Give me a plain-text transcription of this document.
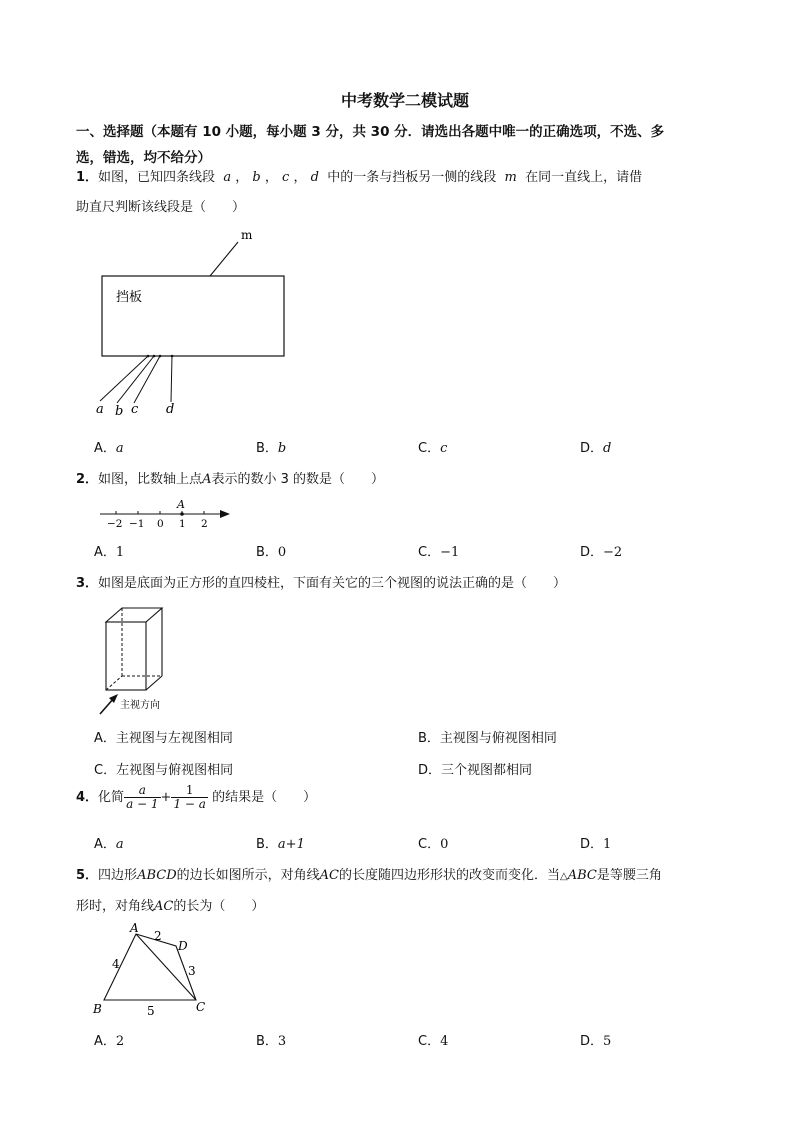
中考数学二模试题
一、选择题（本题有 10 小题，每小题 3 分，共 30 分．请选出各题中唯一的正确选项，不选、多
选，错选，均不给分）
1．如图，已知四条线段 a ， b ， c ， d 中的一条与挡板另一侧的线段 m 在同一直线上，请借
助直尺判断该线段是（　　）
挡板
m
a b c d
A．a	B．b	C．c	D．d
2．如图，比数轴上点A表示的数小 3 的数是（　　）
A
−2 −1 0 1 2
A．1	B．0	C．−1	D．−2
3．如图是底面为正方形的直四棱柱，下面有关它的三个视图的说法正确的是（　　）
主视方向
A．主视图与左视图相同	B．主视图与俯视图相同
C．左视图与俯视图相同	D．三个视图都相同
4．化简 $\frac{a}{a - 1} + \frac{1}{1 - a}$ 的结果是（　　）
A．a	B．a+1	C．0	D．1
5．四边形ABCD的边长如图所示，对角线AC的长度随四边形形状的改变而变化．当△ABC是等腰三角
形时，对角线AC的长为（　　）
A
B	C
D
4
5
2
3
A．2	B．3	C．4	D．5
